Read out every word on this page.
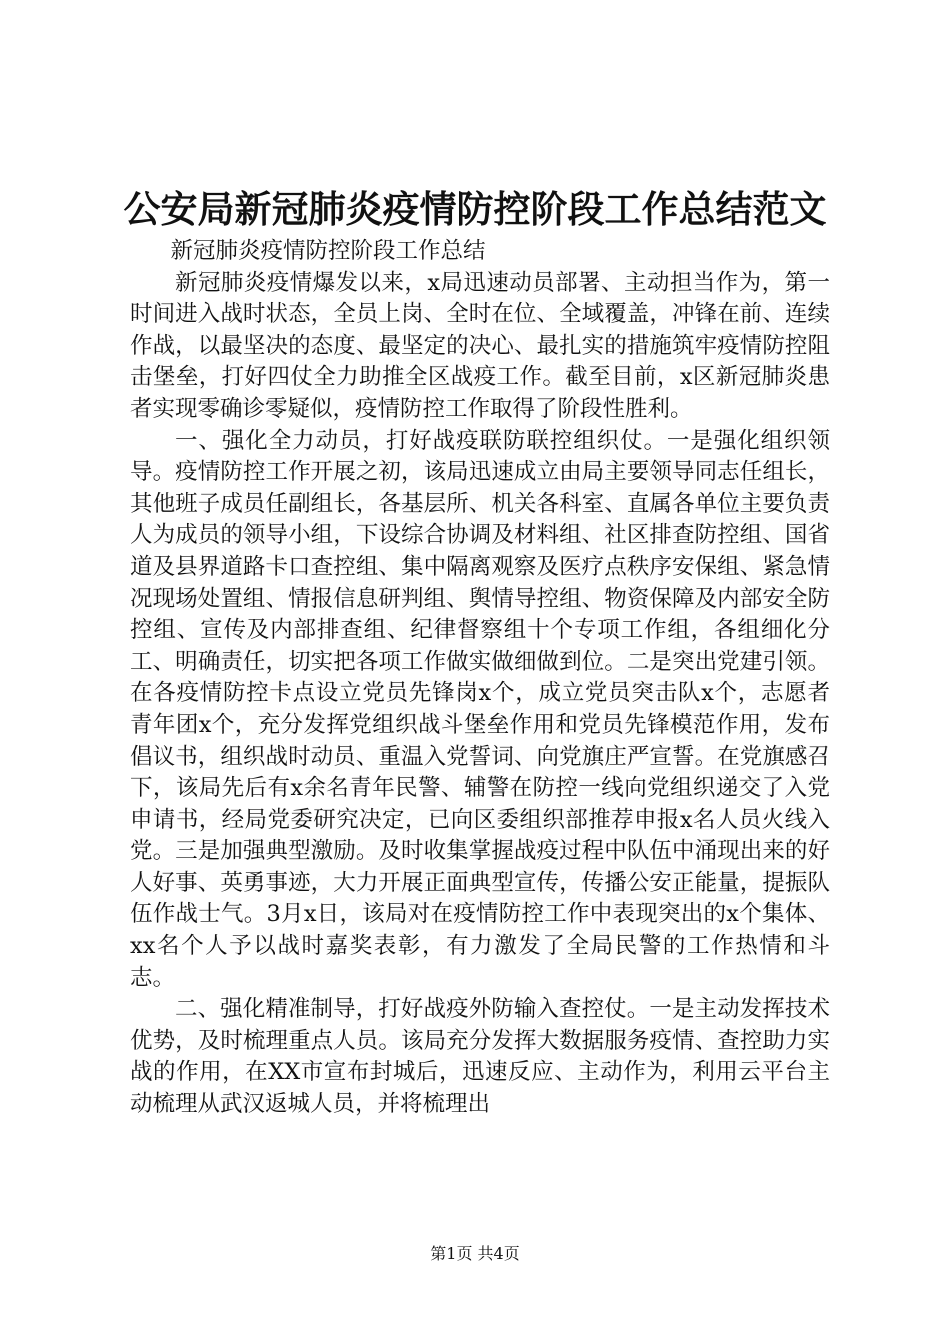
公安局新冠肺炎疫情防控阶段工作总结范文

新冠肺炎疫情防控阶段工作总结

新冠肺炎疫情爆发以来，x局迅速动员部署、主动担当作为，第一时间进入战时状态，全员上岗、全时在位、全域覆盖，冲锋在前、连续作战，以最坚决的态度、最坚定的决心、最扎实的措施筑牢疫情防控阻击堡垒，打好四仗全力助推全区战疫工作。截至目前，x区新冠肺炎患者实现零确诊零疑似，疫情防控工作取得了阶段性胜利。

一、强化全力动员，打好战疫联防联控组织仗。一是强化组织领导。疫情防控工作开展之初，该局迅速成立由局主要领导同志任组长，其他班子成员任副组长，各基层所、机关各科室、直属各单位主要负责人为成员的领导小组，下设综合协调及材料组、社区排查防控组、国省道及县界道路卡口查控组、集中隔离观察及医疗点秩序安保组、紧急情况现场处置组、情报信息研判组、舆情导控组、物资保障及内部安全防控组、宣传及内部排查组、纪律督察组十个专项工作组，各组细化分工、明确责任，切实把各项工作做实做细做到位。二是突出党建引领。在各疫情防控卡点设立党员先锋岗x个，成立党员突击队x个，志愿者青年团x个，充分发挥党组织战斗堡垒作用和党员先锋模范作用，发布倡议书，组织战时动员、重温入党誓词、向党旗庄严宣誓。在党旗感召下，该局先后有x余名青年民警、辅警在防控一线向党组织递交了入党申请书，经局党委研究决定，已向区委组织部推荐申报x名人员火线入党。三是加强典型激励。及时收集掌握战疫过程中队伍中涌现出来的好人好事、英勇事迹，大力开展正面典型宣传，传播公安正能量，提振队伍作战士气。3月x日，该局对在疫情防控工作中表现突出的x个集体、xx名个人予以战时嘉奖表彰，有力激发了全局民警的工作热情和斗志。

二、强化精准制导，打好战疫外防输入查控仗。一是主动发挥技术优势，及时梳理重点人员。该局充分发挥大数据服务疫情、查控助力实战的作用，在XX市宣布封城后，迅速反应、主动作为，利用云平台主动梳理从武汉返城人员，并将梳理出

第1页 共4页
